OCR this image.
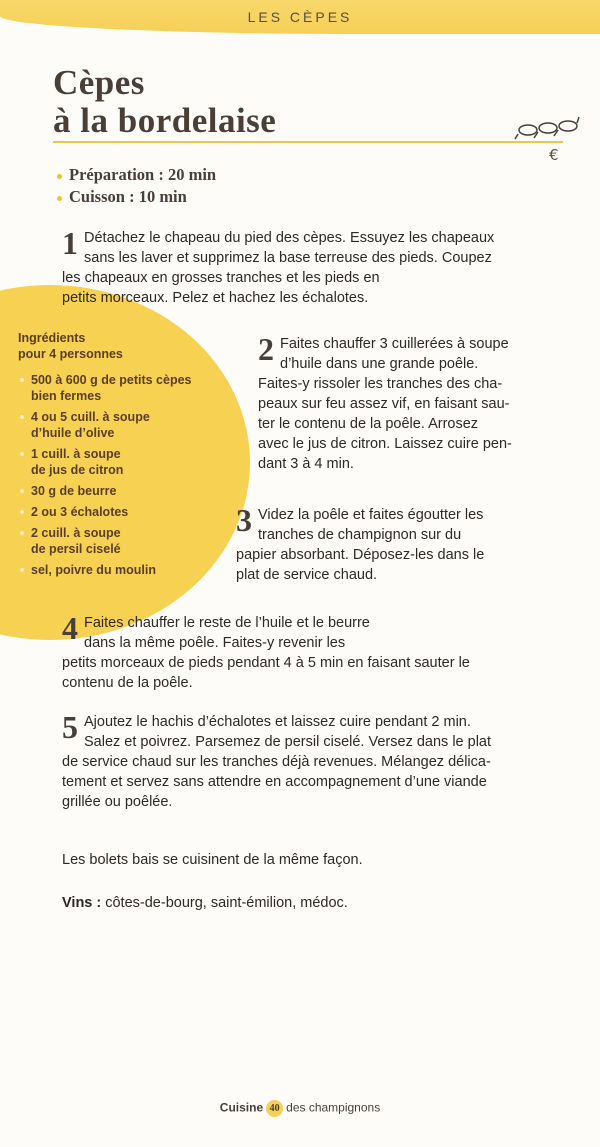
LES CÈPES
Cèpes
à la bordelaise
€
Préparation : 20 min
Cuisson : 10 min
Ingrédients
pour 4 personnes
500 à 600 g de petits cèpes
bien fermes
4 ou 5 cuill. à soupe
d’huile d’olive
1 cuill. à soupe
de jus de citron
30 g de beurre
2 ou 3 échalotes
2 cuill. à soupe
de persil ciselé
sel, poivre du moulin
1 Détachez le chapeau du pied des cèpes. Essuyez les chapeaux
sans les laver et supprimez la base terreuse des pieds. Coupez
les chapeaux en grosses tranches et les pieds en
petits morceaux. Pelez et hachez les échalotes.
2 Faites chauffer 3 cuillerées à soupe
d’huile dans une grande poêle.
Faites-y rissoler les tranches des cha-
peaux sur feu assez vif, en faisant sau-
ter le contenu de la poêle. Arrosez
avec le jus de citron. Laissez cuire pen-
dant 3 à 4 min.
3 Videz la poêle et faites égoutter les
tranches de champignon sur du
papier absorbant. Déposez-les dans le
plat de service chaud.
4 Faites chauffer le reste de l’huile et le beurre
dans la même poêle. Faites-y revenir les
petits morceaux de pieds pendant 4 à 5 min en faisant sauter le
contenu de la poêle.
5 Ajoutez le hachis d’échalotes et laissez cuire pendant 2 min.
Salez et poivrez. Parsemez de persil ciselé. Versez dans le plat
de service chaud sur les tranches déjà revenues. Mélangez délica-
tement et servez sans attendre en accompagnement d’une viande
grillée ou poêlée.
Les bolets bais se cuisinent de la même façon.
Vins : côtes-de-bourg, saint-émilion, médoc.
Cuisine 40 des champignons
